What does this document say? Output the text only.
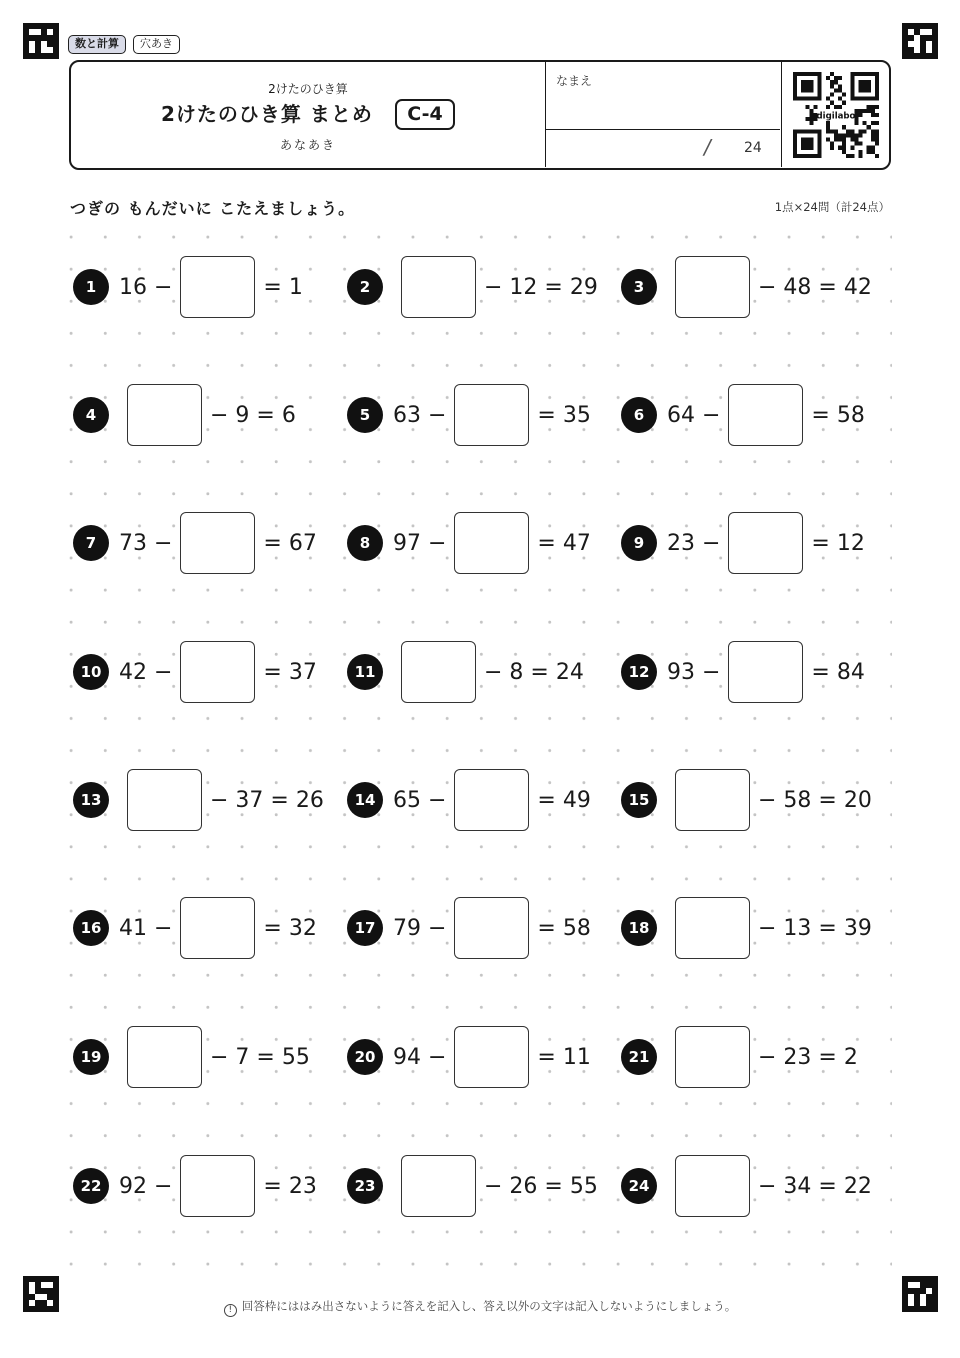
数と計算	穴あき
2けたのひき算
2けたのひき算 まとめ	C-4
あなあき
なまえ
/ 24
digilabo
つぎの もんだいに こたえましょう。	1点×24問（計24点）
1	16 −	= 1	2	− 12 = 29	3	− 48 = 42
4	− 9 = 6	5	63 −	= 35	6	64 −	= 58
7	73 −	= 67	8	97 −	= 47	9	23 −	= 12
10 42 −	= 37	11	− 8 = 24	12 93 −	= 84
13	− 37 = 26	14 65 −	= 49	15	− 58 = 20
16 41 −	= 32	17 79 −	= 58	18	− 13 = 39
19	− 7 = 55	20 94 −	= 11	21	− 23 = 2
22 92 −	= 23	23	− 26 = 55	24	− 34 = 22
! 回答枠にははみ出さないように答えを記入し、答え以外の文字は記入しないようにしましょう。
